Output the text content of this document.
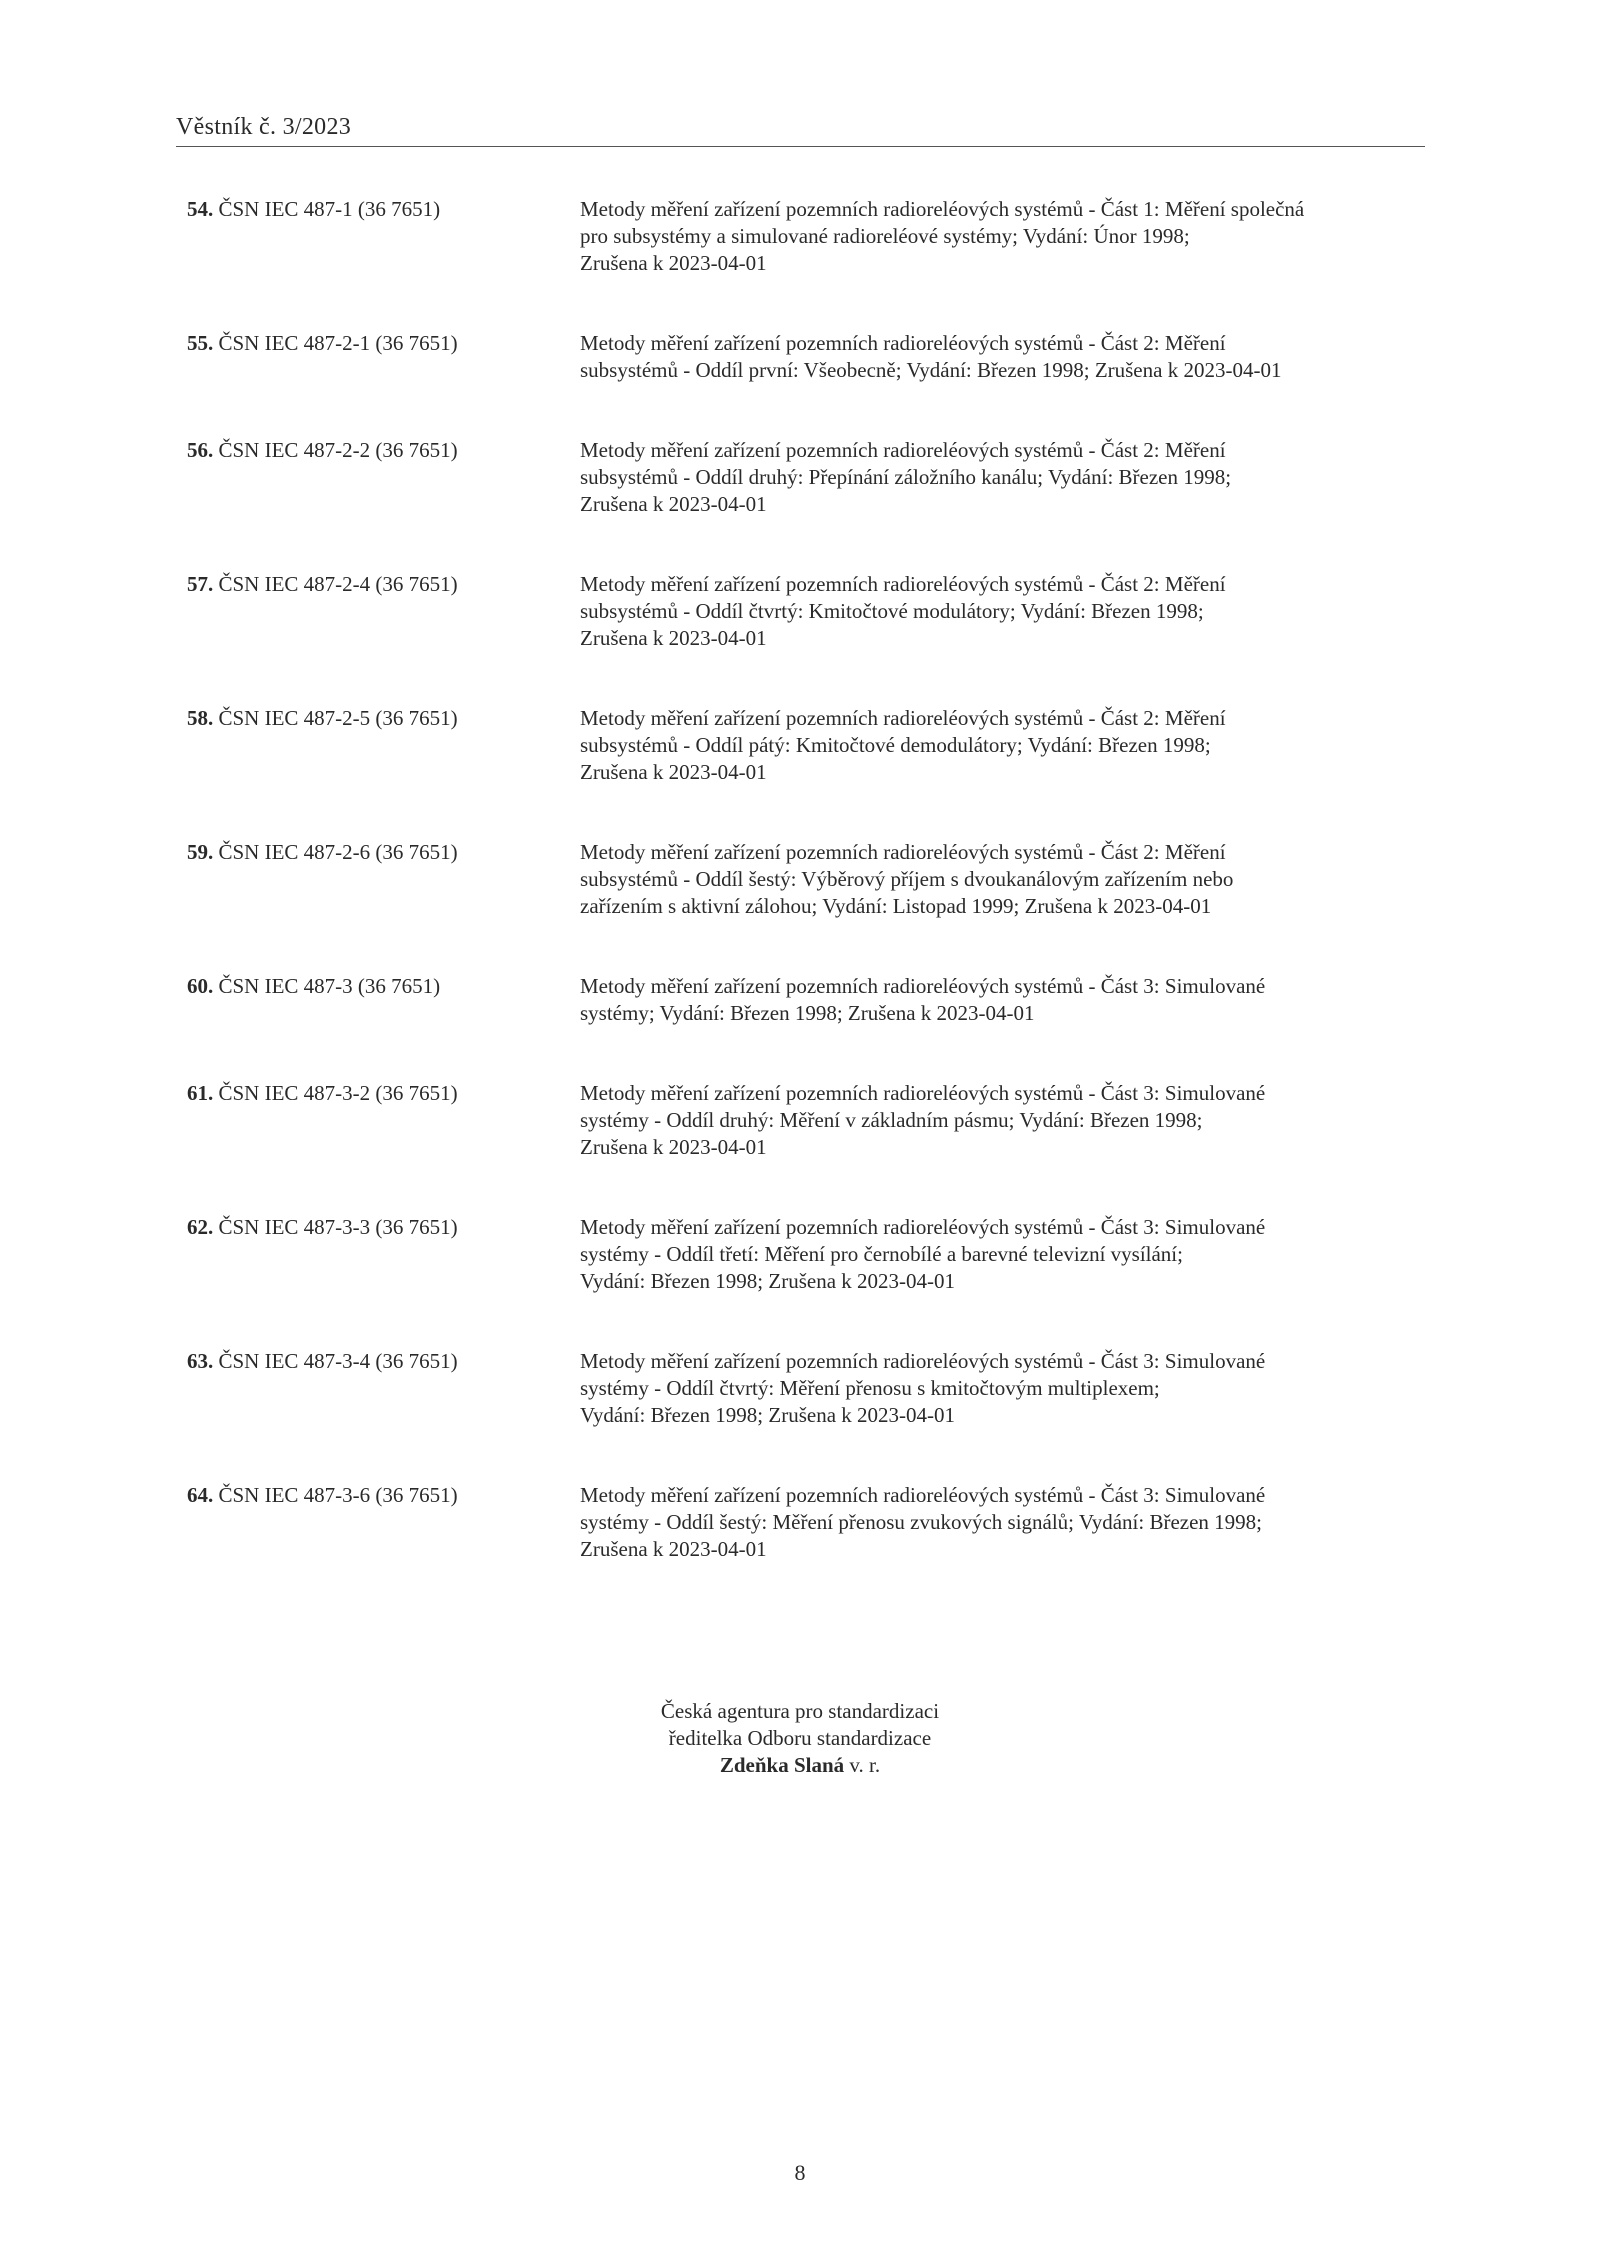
Věstník č. 3/2023
54. ČSN IEC 487-1 (36 7651)	Metody měření zařízení pozemních radioreléových systémů - Část 1: Měření společná
pro subsystémy a simulované radioreléové systémy; Vydání: Únor 1998;
Zrušena k 2023-04-01
55. ČSN IEC 487-2-1 (36 7651)	Metody měření zařízení pozemních radioreléových systémů - Část 2: Měření
subsystémů - Oddíl první: Všeobecně; Vydání: Březen 1998; Zrušena k 2023-04-01
56. ČSN IEC 487-2-2 (36 7651)	Metody měření zařízení pozemních radioreléových systémů - Část 2: Měření
subsystémů - Oddíl druhý: Přepínání záložního kanálu; Vydání: Březen 1998;
Zrušena k 2023-04-01
57. ČSN IEC 487-2-4 (36 7651)	Metody měření zařízení pozemních radioreléových systémů - Část 2: Měření
subsystémů - Oddíl čtvrtý: Kmitočtové modulátory; Vydání: Březen 1998;
Zrušena k 2023-04-01
58. ČSN IEC 487-2-5 (36 7651)	Metody měření zařízení pozemních radioreléových systémů - Část 2: Měření
subsystémů - Oddíl pátý: Kmitočtové demodulátory; Vydání: Březen 1998;
Zrušena k 2023-04-01
59. ČSN IEC 487-2-6 (36 7651)	Metody měření zařízení pozemních radioreléových systémů - Část 2: Měření
subsystémů - Oddíl šestý: Výběrový příjem s dvoukanálovým zařízením nebo
zařízením s aktivní zálohou; Vydání: Listopad 1999; Zrušena k 2023-04-01
60. ČSN IEC 487-3 (36 7651)	Metody měření zařízení pozemních radioreléových systémů - Část 3: Simulované
systémy; Vydání: Březen 1998; Zrušena k 2023-04-01
61. ČSN IEC 487-3-2 (36 7651)	Metody měření zařízení pozemních radioreléových systémů - Část 3: Simulované
systémy - Oddíl druhý: Měření v základním pásmu; Vydání: Březen 1998;
Zrušena k 2023-04-01
62. ČSN IEC 487-3-3 (36 7651)	Metody měření zařízení pozemních radioreléových systémů - Část 3: Simulované
systémy - Oddíl třetí: Měření pro černobílé a barevné televizní vysílání;
Vydání: Březen 1998; Zrušena k 2023-04-01
63. ČSN IEC 487-3-4 (36 7651)	Metody měření zařízení pozemních radioreléových systémů - Část 3: Simulované
systémy - Oddíl čtvrtý: Měření přenosu s kmitočtovým multiplexem;
Vydání: Březen 1998; Zrušena k 2023-04-01
64. ČSN IEC 487-3-6 (36 7651)	Metody měření zařízení pozemních radioreléových systémů - Část 3: Simulované
systémy - Oddíl šestý: Měření přenosu zvukových signálů; Vydání: Březen 1998;
Zrušena k 2023-04-01
Česká agentura pro standardizaci
ředitelka Odboru standardizace
Zdeňka Slaná v. r.
8
